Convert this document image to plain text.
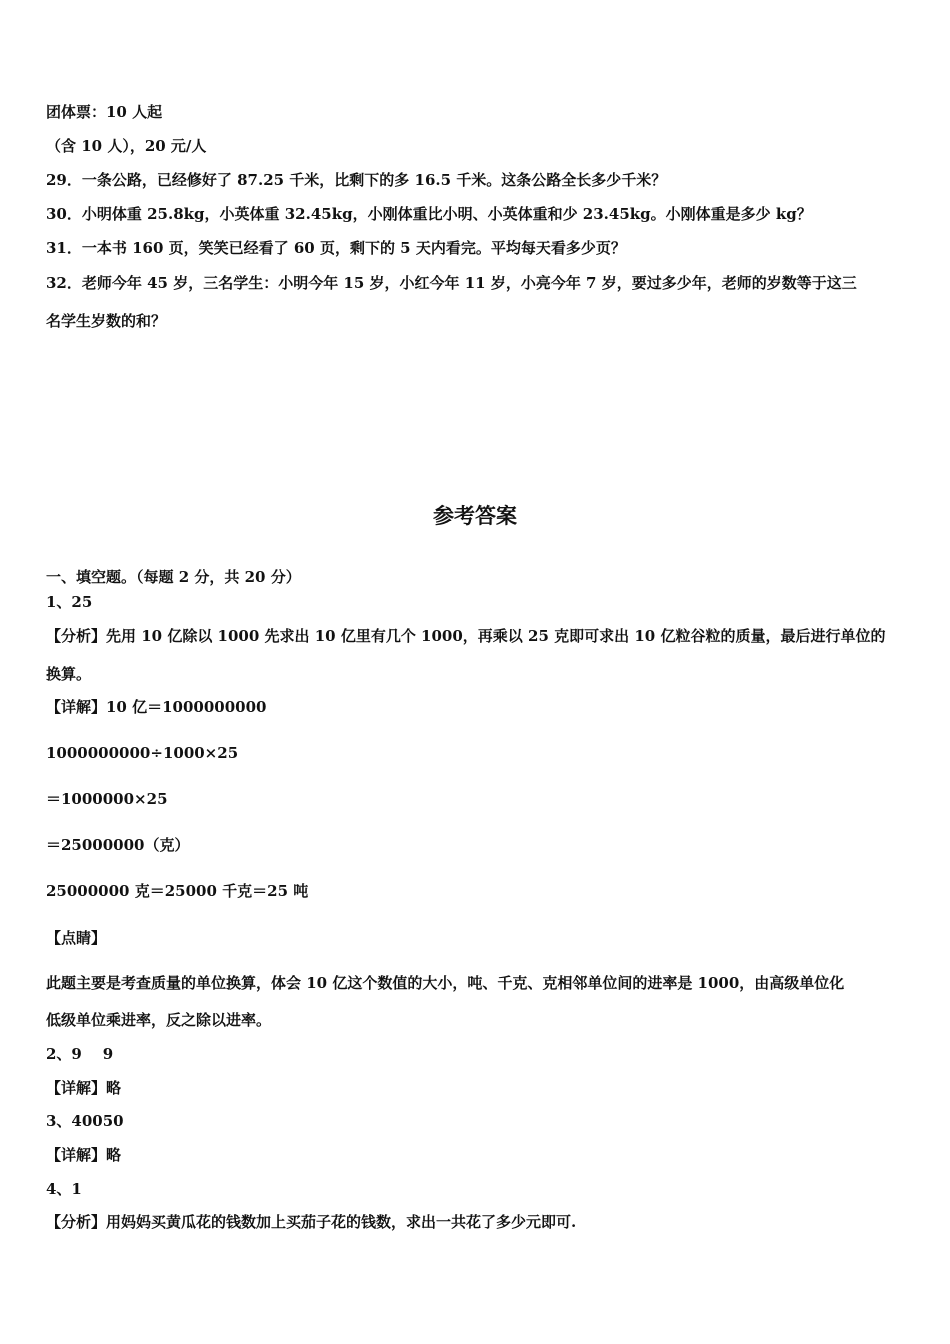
团体票：10 人起
（含 10 人），20 元/人
29．一条公路，已经修好了 87.25 千米，比剩下的多 16.5 千米。这条公路全长多少千米？
30．小明体重 25.8kg，小英体重 32.45kg，小刚体重比小明、小英体重和少 23.45kg。小刚体重是多少 kg？
31．一本书 160 页，笑笑已经看了 60 页，剩下的 5 天内看完。平均每天看多少页？
32．老师今年 45 岁，三名学生：小明今年 15 岁，小红今年 11 岁，小亮今年 7 岁，要过多少年，老师的岁数等于这三
名学生岁数的和？
参考答案
一、填空题。（每题 2 分，共 20 分）
1、25
【分析】先用 10 亿除以 1000 先求出 10 亿里有几个 1000，再乘以 25 克即可求出 10 亿粒谷粒的质量，最后进行单位的
换算。
【详解】10 亿＝1000000000
1000000000÷1000×25
＝1000000×25
＝25000000（克）
25000000 克＝25000 千克＝25 吨
【点睛】
此题主要是考查质量的单位换算，体会 10 亿这个数值的大小，吨、千克、克相邻单位间的进率是 1000，由高级单位化
低级单位乘进率，反之除以进率。
2、9    9
【详解】略
3、40050
【详解】略
4、1
【分析】用妈妈买黄瓜花的钱数加上买茄子花的钱数，求出一共花了多少元即可.
